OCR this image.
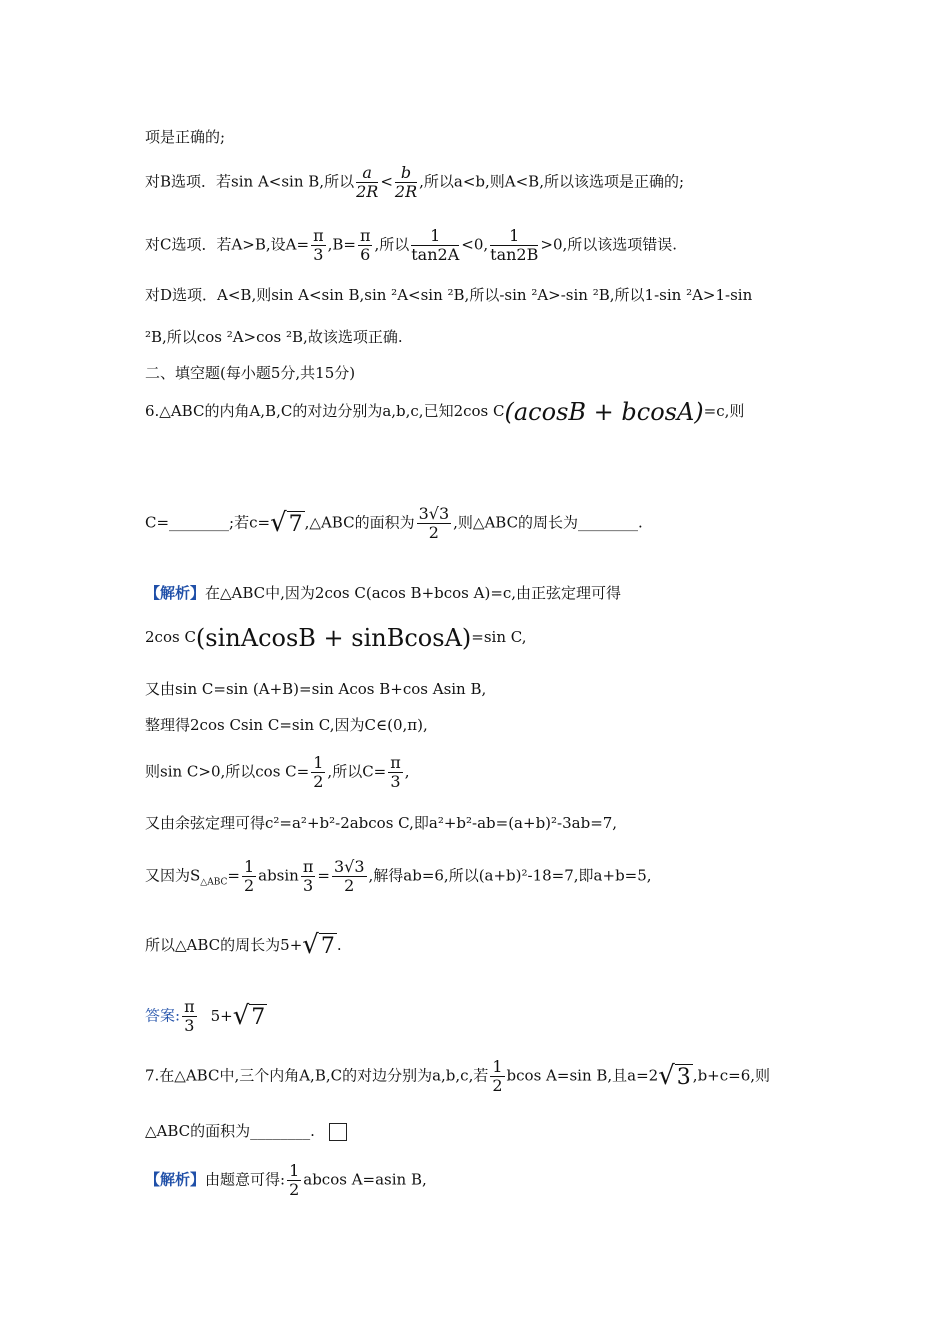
项是正确的;
对B选项．若sin A<sin B,所以 $\frac{a}{2R} < \frac{b}{2R}$ ,所以a<b,则A<B,所以该选项是正确的;
对C选项．若A>B,设$A= \frac{\pi}{3} ,B= \frac{\pi}{6}$ ,所以 $\frac{1}{\tan 2A} <0$, $\frac{1}{\tan 2B} >0$,所以该选项错误.
对D选项．A<B,则sin A<sin B,sin ²A<sin ²B,所以-sin ²A>-sin ²B,所以1-sin ²A>1-sin
²B,所以cos ²A>cos ²B,故该选项正确.
二、填空题(每小题5分,共15分)
6.△ABC的内角A,B,C的对边分别为a,b,c,已知2cos C(acosB + bcosA)=c,则
C=________;若c=√7 ,△ABC的面积为 $\frac{3√3}{2}$ ,则△ABC的周长为________.
【解析】在△ABC中,因为2cos C(acos B+bcos A)=c,由正弦定理可得
2cos C(sinAcosB + sinBcosA)=sin C,
又由sin C=sin (A+B)=sin Acos B+cos Asin B,
整理得2cos Csin C=sin C,因为C∈(0,π),
则sin C>0,所以$\cos C= \frac{1}{2}$ ,所以$C= \frac{\pi}{3}$ ,
又由余弦定理可得c²=a²+b²-2abcos C,即a²+b²-ab=(a+b)²-3ab=7,
又因为$S_{\triangle ABC}= \frac{1}{2}$ absin $\frac{\pi}{3} = \frac{3√3}{2}$ ,解得ab=6,所以(a+b)²-18=7,即a+b=5,
所以△ABC的周长为5+√7 .
答案: $\frac{\pi}{3} 5+√7$
7.在△ABC中,三个内角A,B,C的对边分别为a,b,c,若 $\frac{1}{2}$ bcos A=sin B,且a=2√3 ,b+c=6,则
△ABC的面积为________.
【解析】由题意可得: $\frac{1}{2}$ abcos A=asin B,
